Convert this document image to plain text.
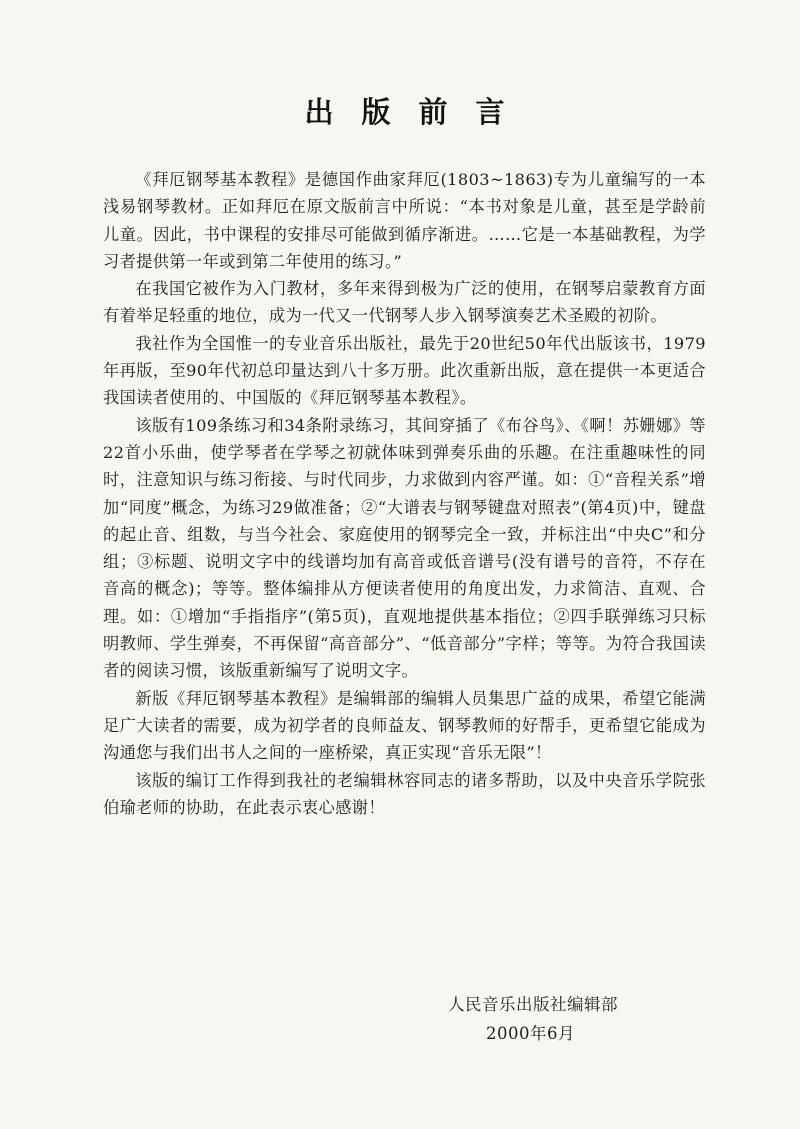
出版前言

《拜厄钢琴基本教程》是德国作曲家拜厄(1803~1863)专为儿童编写的一本浅易钢琴教材。正如拜厄在原文版前言中所说：“本书对象是儿童，甚至是学龄前儿童。因此，书中课程的安排尽可能做到循序渐进。……它是一本基础教程，为学习者提供第一年或到第二年使用的练习。”

在我国它被作为入门教材，多年来得到极为广泛的使用，在钢琴启蒙教育方面有着举足轻重的地位，成为一代又一代钢琴人步入钢琴演奏艺术圣殿的初阶。

我社作为全国惟一的专业音乐出版社，最先于20世纪50年代出版该书，1979年再版，至90年代初总印量达到八十多万册。此次重新出版，意在提供一本更适合我国读者使用的、中国版的《拜厄钢琴基本教程》。

该版有109条练习和34条附录练习，其间穿插了《布谷鸟》、《啊！苏姗娜》等22首小乐曲，使学琴者在学琴之初就体味到弹奏乐曲的乐趣。在注重趣味性的同时，注意知识与练习衔接、与时代同步，力求做到内容严谨。如：①“音程关系”增加“同度”概念，为练习29做准备；②“大谱表与钢琴键盘对照表”(第4页)中，键盘的起止音、组数，与当今社会、家庭使用的钢琴完全一致，并标注出“中央C”和分组；③标题、说明文字中的线谱均加有高音或低音谱号(没有谱号的音符，不存在音高的概念)；等等。整体编排从方便读者使用的角度出发，力求简洁、直观、合理。如：①增加“手指指序”(第5页)，直观地提供基本指位；②四手联弹练习只标明教师、学生弹奏，不再保留“高音部分”、“低音部分”字样；等等。为符合我国读者的阅读习惯，该版重新编写了说明文字。

新版《拜厄钢琴基本教程》是编辑部的编辑人员集思广益的成果，希望它能满足广大读者的需要，成为初学者的良师益友、钢琴教师的好帮手，更希望它能成为沟通您与我们出书人之间的一座桥梁，真正实现“音乐无限”！

该版的编订工作得到我社的老编辑林容同志的诸多帮助，以及中央音乐学院张伯瑜老师的协助，在此表示衷心感谢！

人民音乐出版社编辑部
2000年6月
